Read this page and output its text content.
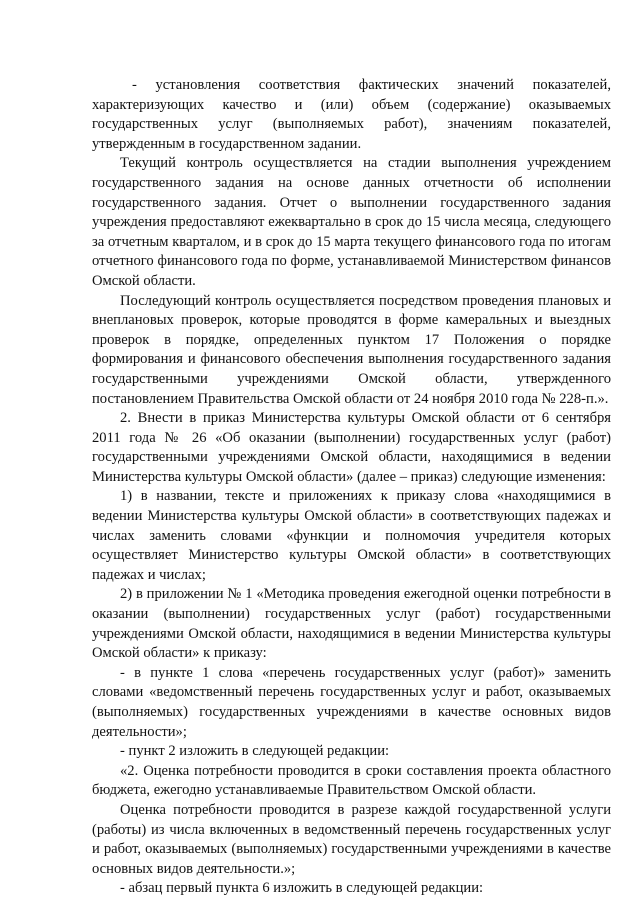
- установления соответствия фактических значений показателей, характеризующих качество и (или) объем (содержание) оказываемых государственных услуг (выполняемых работ), значениям показателей, утвержденным в государственном задании.

Текущий контроль осуществляется на стадии выполнения учреждением государственного задания на основе данных отчетности об исполнении государственного задания. Отчет о выполнении государственного задания учреждения предоставляют ежеквартально в срок до 15 числа месяца, следующего за отчетным кварталом, и в срок до 15 марта текущего финансового года по итогам отчетного финансового года по форме, устанавливаемой Министерством финансов Омской области.

Последующий контроль осуществляется посредством проведения плановых и внеплановых проверок, которые проводятся в форме камеральных и выездных проверок в порядке, определенных пунктом 17 Положения о порядке формирования и финансового обеспечения выполнения государственного задания государственными учреждениями Омской области, утвержденного постановлением Правительства Омской области от 24 ноября 2010 года № 228-п.».

2. Внести в приказ Министерства культуры Омской области от 6 сентября 2011 года № 26 «Об оказании (выполнении) государственных услуг (работ) государственными учреждениями Омской области, находящимися в ведении Министерства культуры Омской области» (далее – приказ) следующие изменения:

1) в названии, тексте и приложениях к приказу слова «находящимися в ведении Министерства культуры Омской области» в соответствующих падежах и числах заменить словами «функции и полномочия учредителя которых осуществляет Министерство культуры Омской области» в соответствующих падежах и числах;

2) в приложении № 1 «Методика проведения ежегодной оценки потребности в оказании (выполнении) государственных услуг (работ) государственными учреждениями Омской области, находящимися в ведении Министерства культуры Омской области» к приказу:

- в пункте 1 слова «перечень государственных услуг (работ)» заменить словами «ведомственный перечень государственных услуг и работ, оказываемых (выполняемых) государственных учреждениями в качестве основных видов деятельности»;

- пункт 2 изложить в следующей редакции:

«2. Оценка потребности проводится в сроки составления проекта областного бюджета, ежегодно устанавливаемые Правительством Омской области.

Оценка потребности проводится в разрезе каждой государственной услуги (работы) из числа включенных в ведомственный перечень государственных услуг и работ, оказываемых (выполняемых) государственными учреждениями в качестве основных видов деятельности.»;

- абзац первый пункта 6 изложить в следующей редакции:
